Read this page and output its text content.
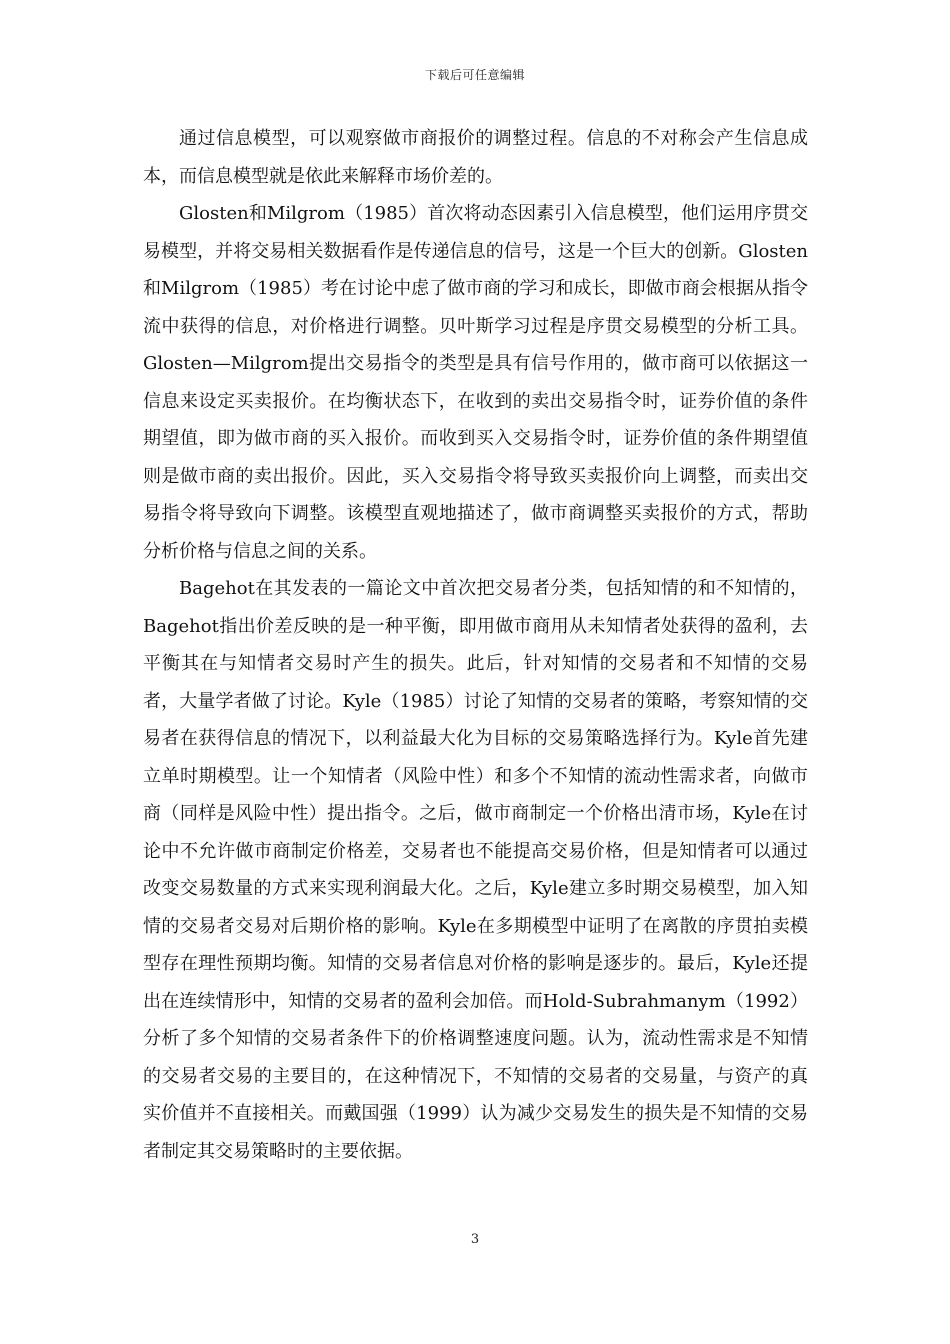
下载后可任意编辑

通过信息模型，可以观察做市商报价的调整过程。信息的不对称会产生信息成本，而信息模型就是依此来解释市场价差的。

Glosten和Milgrom（1985）首次将动态因素引入信息模型，他们运用序贯交易模型，并将交易相关数据看作是传递信息的信号，这是一个巨大的创新。Glosten和Milgrom（1985）考在讨论中虑了做市商的学习和成长，即做市商会根据从指令流中获得的信息，对价格进行调整。贝叶斯学习过程是序贯交易模型的分析工具。Glosten—Milgrom提出交易指令的类型是具有信号作用的，做市商可以依据这一信息来设定买卖报价。在均衡状态下，在收到的卖出交易指令时，证券价值的条件期望值，即为做市商的买入报价。而收到买入交易指令时，证券价值的条件期望值则是做市商的卖出报价。因此，买入交易指令将导致买卖报价向上调整，而卖出交易指令将导致向下调整。该模型直观地描述了，做市商调整买卖报价的方式，帮助分析价格与信息之间的关系。

Bagehot在其发表的一篇论文中首次把交易者分类，包括知情的和不知情的，Bagehot指出价差反映的是一种平衡，即用做市商用从未知情者处获得的盈利，去平衡其在与知情者交易时产生的损失。此后，针对知情的交易者和不知情的交易者，大量学者做了讨论。Kyle（1985）讨论了知情的交易者的策略，考察知情的交易者在获得信息的情况下，以利益最大化为目标的交易策略选择行为。Kyle首先建立单时期模型。让一个知情者（风险中性）和多个不知情的流动性需求者，向做市商（同样是风险中性）提出指令。之后，做市商制定一个价格出清市场，Kyle在讨论中不允许做市商制定价格差，交易者也不能提高交易价格，但是知情者可以通过改变交易数量的方式来实现利润最大化。之后，Kyle建立多时期交易模型，加入知情的交易者交易对后期价格的影响。Kyle在多期模型中证明了在离散的序贯拍卖模型存在理性预期均衡。知情的交易者信息对价格的影响是逐步的。最后，Kyle还提出在连续情形中，知情的交易者的盈利会加倍。而Hold-Subrahmanym（1992）分析了多个知情的交易者条件下的价格调整速度问题。认为，流动性需求是不知情的交易者交易的主要目的，在这种情况下，不知情的交易者的交易量，与资产的真实价值并不直接相关。而戴国强（1999）认为减少交易发生的损失是不知情的交易者制定其交易策略时的主要依据。

3
